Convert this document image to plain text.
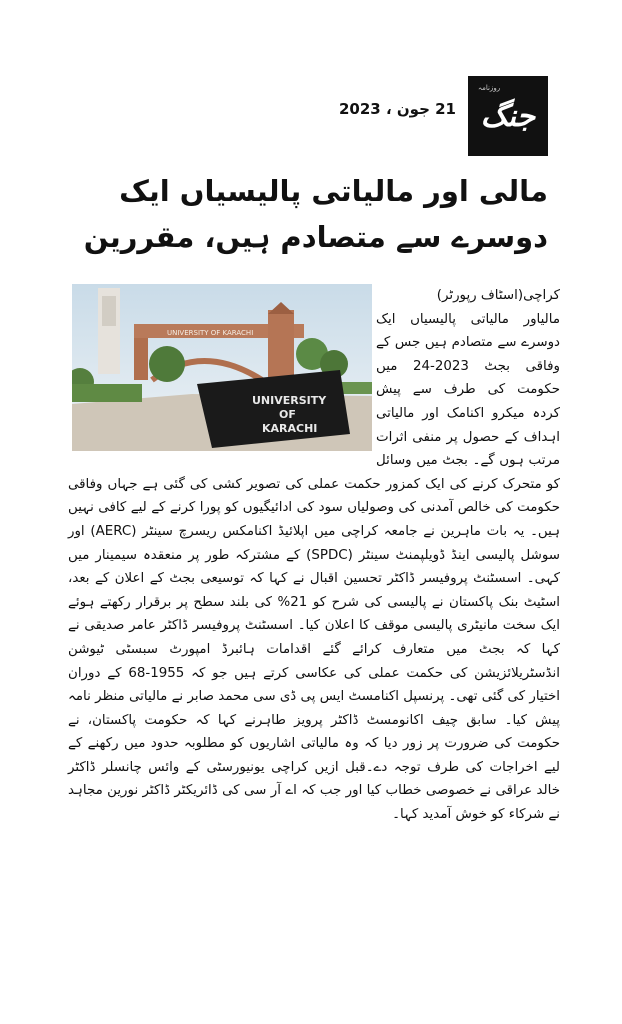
روزنامہ
جنگ
21 جون ، 2023
مالی اور مالیاتی پالیسیاں ایک دوسرے سے متصادم ہیں، مقررین
UNIVERSITY OF KARACHI
UNIVERSITY
OF
KARACHI

کراچی(اسٹاف رپورٹر)

مالیاور مالیاتی پالیسیاں ایک دوسرے سے متصادم ہیں جس کے وفاقی بجٹ 2023-24 میں حکومت کی طرف سے پیش کردہ میکرو اکنامک اور مالیاتی اہداف کے حصول پر منفی اثرات مرتب ہوں گے۔ بجٹ میں وسائل کو متحرک کرنے کی ایک کمزور حکمت عملی کی تصویر کشی کی گئی ہے جہاں وفاقی حکومت کی خالص آمدنی کی وصولیاں سود کی ادائیگیوں کو پورا کرنے کے لیے کافی نہیں ہیں۔ یہ بات ماہرین نے جامعہ کراچی میں اپلائیڈ اکنامکس ریسرچ سینٹر (AERC) اور سوشل پالیسی اینڈ ڈویلپمنٹ سینٹر (SPDC) کے مشترکہ طور پر منعقدہ سیمینار میں کہی۔ اسسٹنٹ پروفیسر ڈاکٹر تحسین اقبال نے کہا کہ توسیعی بجٹ کے اعلان کے بعد، اسٹیٹ بنک پاکستان نے پالیسی کی شرح کو 21% کی بلند سطح پر برقرار رکھتے ہوئے ایک سخت مانیٹری پالیسی موقف کا اعلان کیا۔ اسسٹنٹ پروفیسر ڈاکٹر عامر صدیقی نے کہا کہ بجٹ میں متعارف کرائے گئے اقدامات ہائبرڈ امپورٹ سبسٹی ٹیوشن انڈسٹریلائزیشن کی حکمت عملی کی عکاسی کرتے ہیں جو کہ 1955-68 کے دوران اختیار کی گئی تھی۔ پرنسپل اکنامسٹ ایس پی ڈی سی محمد صابر نے مالیاتی منظر نامہ پیش کیا۔ سابق چیف اکانومسٹ ڈاکٹر پرویز طاہرنے کہا کہ حکومت پاکستان، نے حکومت کی ضرورت پر زور دیا کہ وہ مالیاتی اشاریوں کو مطلوبہ حدود میں رکھنے کے لیے اخراجات کی طرف توجہ دے۔قبل ازیں کراچی یونیورسٹی کے وائس چانسلر ڈاکٹر خالد عراقی نے خصوصی خطاب کیا اور جب کہ اے آر سی کی ڈائریکٹر ڈاکٹر نورین مجاہد نے شرکاء کو خوش آمدید کہا۔
